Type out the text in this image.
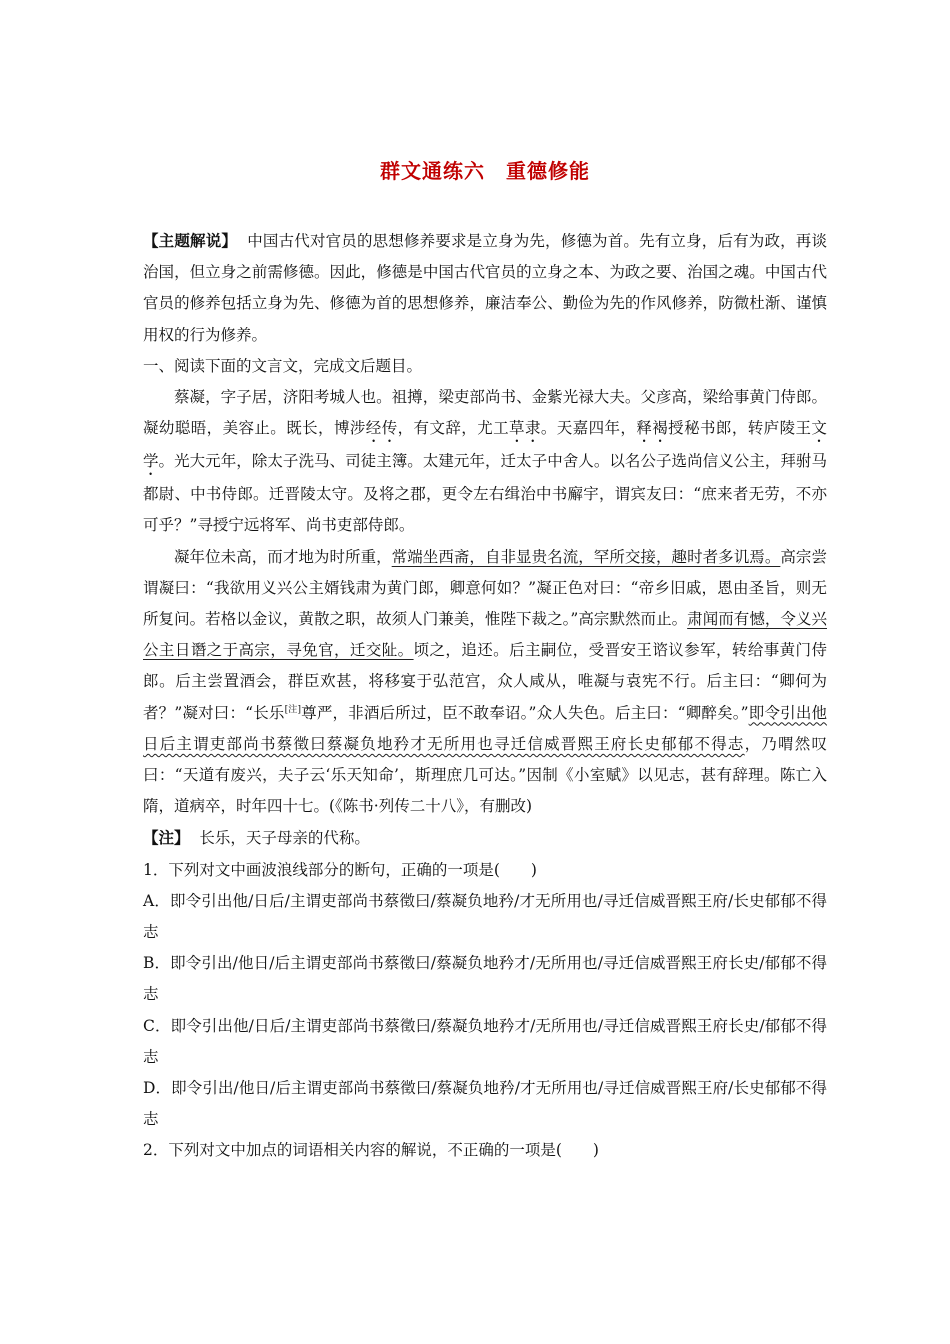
群文通练六　重德修能

【主题解说】 中国古代对官员的思想修养要求是立身为先，修德为首。先有立身，后有为政，再谈治国，但立身之前需修德。因此，修德是中国古代官员的立身之本、为政之要、治国之魂。中国古代官员的修养包括立身为先、修德为首的思想修养，廉洁奉公、勤俭为先的作风修养，防微杜渐、谨慎用权的行为修养。

一、阅读下面的文言文，完成文后题目。

蔡凝，字子居，济阳考城人也。祖撙，梁吏部尚书、金紫光禄大夫。父彦高，梁给事黄门侍郎。凝幼聪晤，美容止。既长，博涉经传，有文辞，尤工草隶。天嘉四年，释褐授秘书郎，转庐陵王文学。光大元年，除太子洗马、司徒主簿。太建元年，迁太子中舍人。以名公子选尚信义公主，拜驸马都尉、中书侍郎。迁晋陵太守。及将之郡，更令左右缉治中书廨宇，谓宾友曰：“庶来者无劳，不亦可乎？”寻授宁远将军、尚书吏部侍郎。

凝年位未高，而才地为时所重，常端坐西斋，自非显贵名流，罕所交接，趣时者多讥焉。高宗尝谓凝曰：“我欲用义兴公主婿钱肃为黄门郎，卿意何如？”凝正色对曰：“帝乡旧戚，恩由圣旨，则无所复问。若格以金议，黄散之职，故须人门兼美，惟陛下裁之。”高宗默然而止。肃闻而有憾，令义兴公主日谮之于高宗，寻免官，迁交阯。顷之，追还。后主嗣位，受晋安王谘议参军，转给事黄门侍郎。后主尝置酒会，群臣欢甚，将移宴于弘范宫，众人咸从，唯凝与袁宪不行。后主曰：“卿何为者？”凝对曰：“长乐[注]尊严，非酒后所过，臣不敢奉诏。”众人失色。后主曰：“卿醉矣。”即令引出他日后主谓吏部尚书蔡徵曰蔡凝负地矜才无所用也寻迁信威晋熙王府长史郁郁不得志，乃喟然叹曰：“天道有废兴，夫子云‘乐天知命’，斯理庶几可达。”因制《小室赋》以见志，甚有辞理。陈亡入隋，道病卒，时年四十七。(《陈书·列传二十八》，有删改)

【注】 长乐，天子母亲的代称。

1．下列对文中画波浪线部分的断句，正确的一项是(　　)

A．即令引出他/日后/主谓吏部尚书蔡徵曰/蔡凝负地矜/才无所用也/寻迁信威晋熙王府/长史郁郁不得志

B．即令引出/他日/后主谓吏部尚书蔡徵曰/蔡凝负地矜才/无所用也/寻迁信威晋熙王府长史/郁郁不得志

C．即令引出他/日后/主谓吏部尚书蔡徵曰/蔡凝负地矜才/无所用也/寻迁信威晋熙王府长史/郁郁不得志

D．即令引出/他日/后主谓吏部尚书蔡徵曰/蔡凝负地矜/才无所用也/寻迁信威晋熙王府/长史郁郁不得志

2．下列对文中加点的词语相关内容的解说，不正确的一项是(　　)
